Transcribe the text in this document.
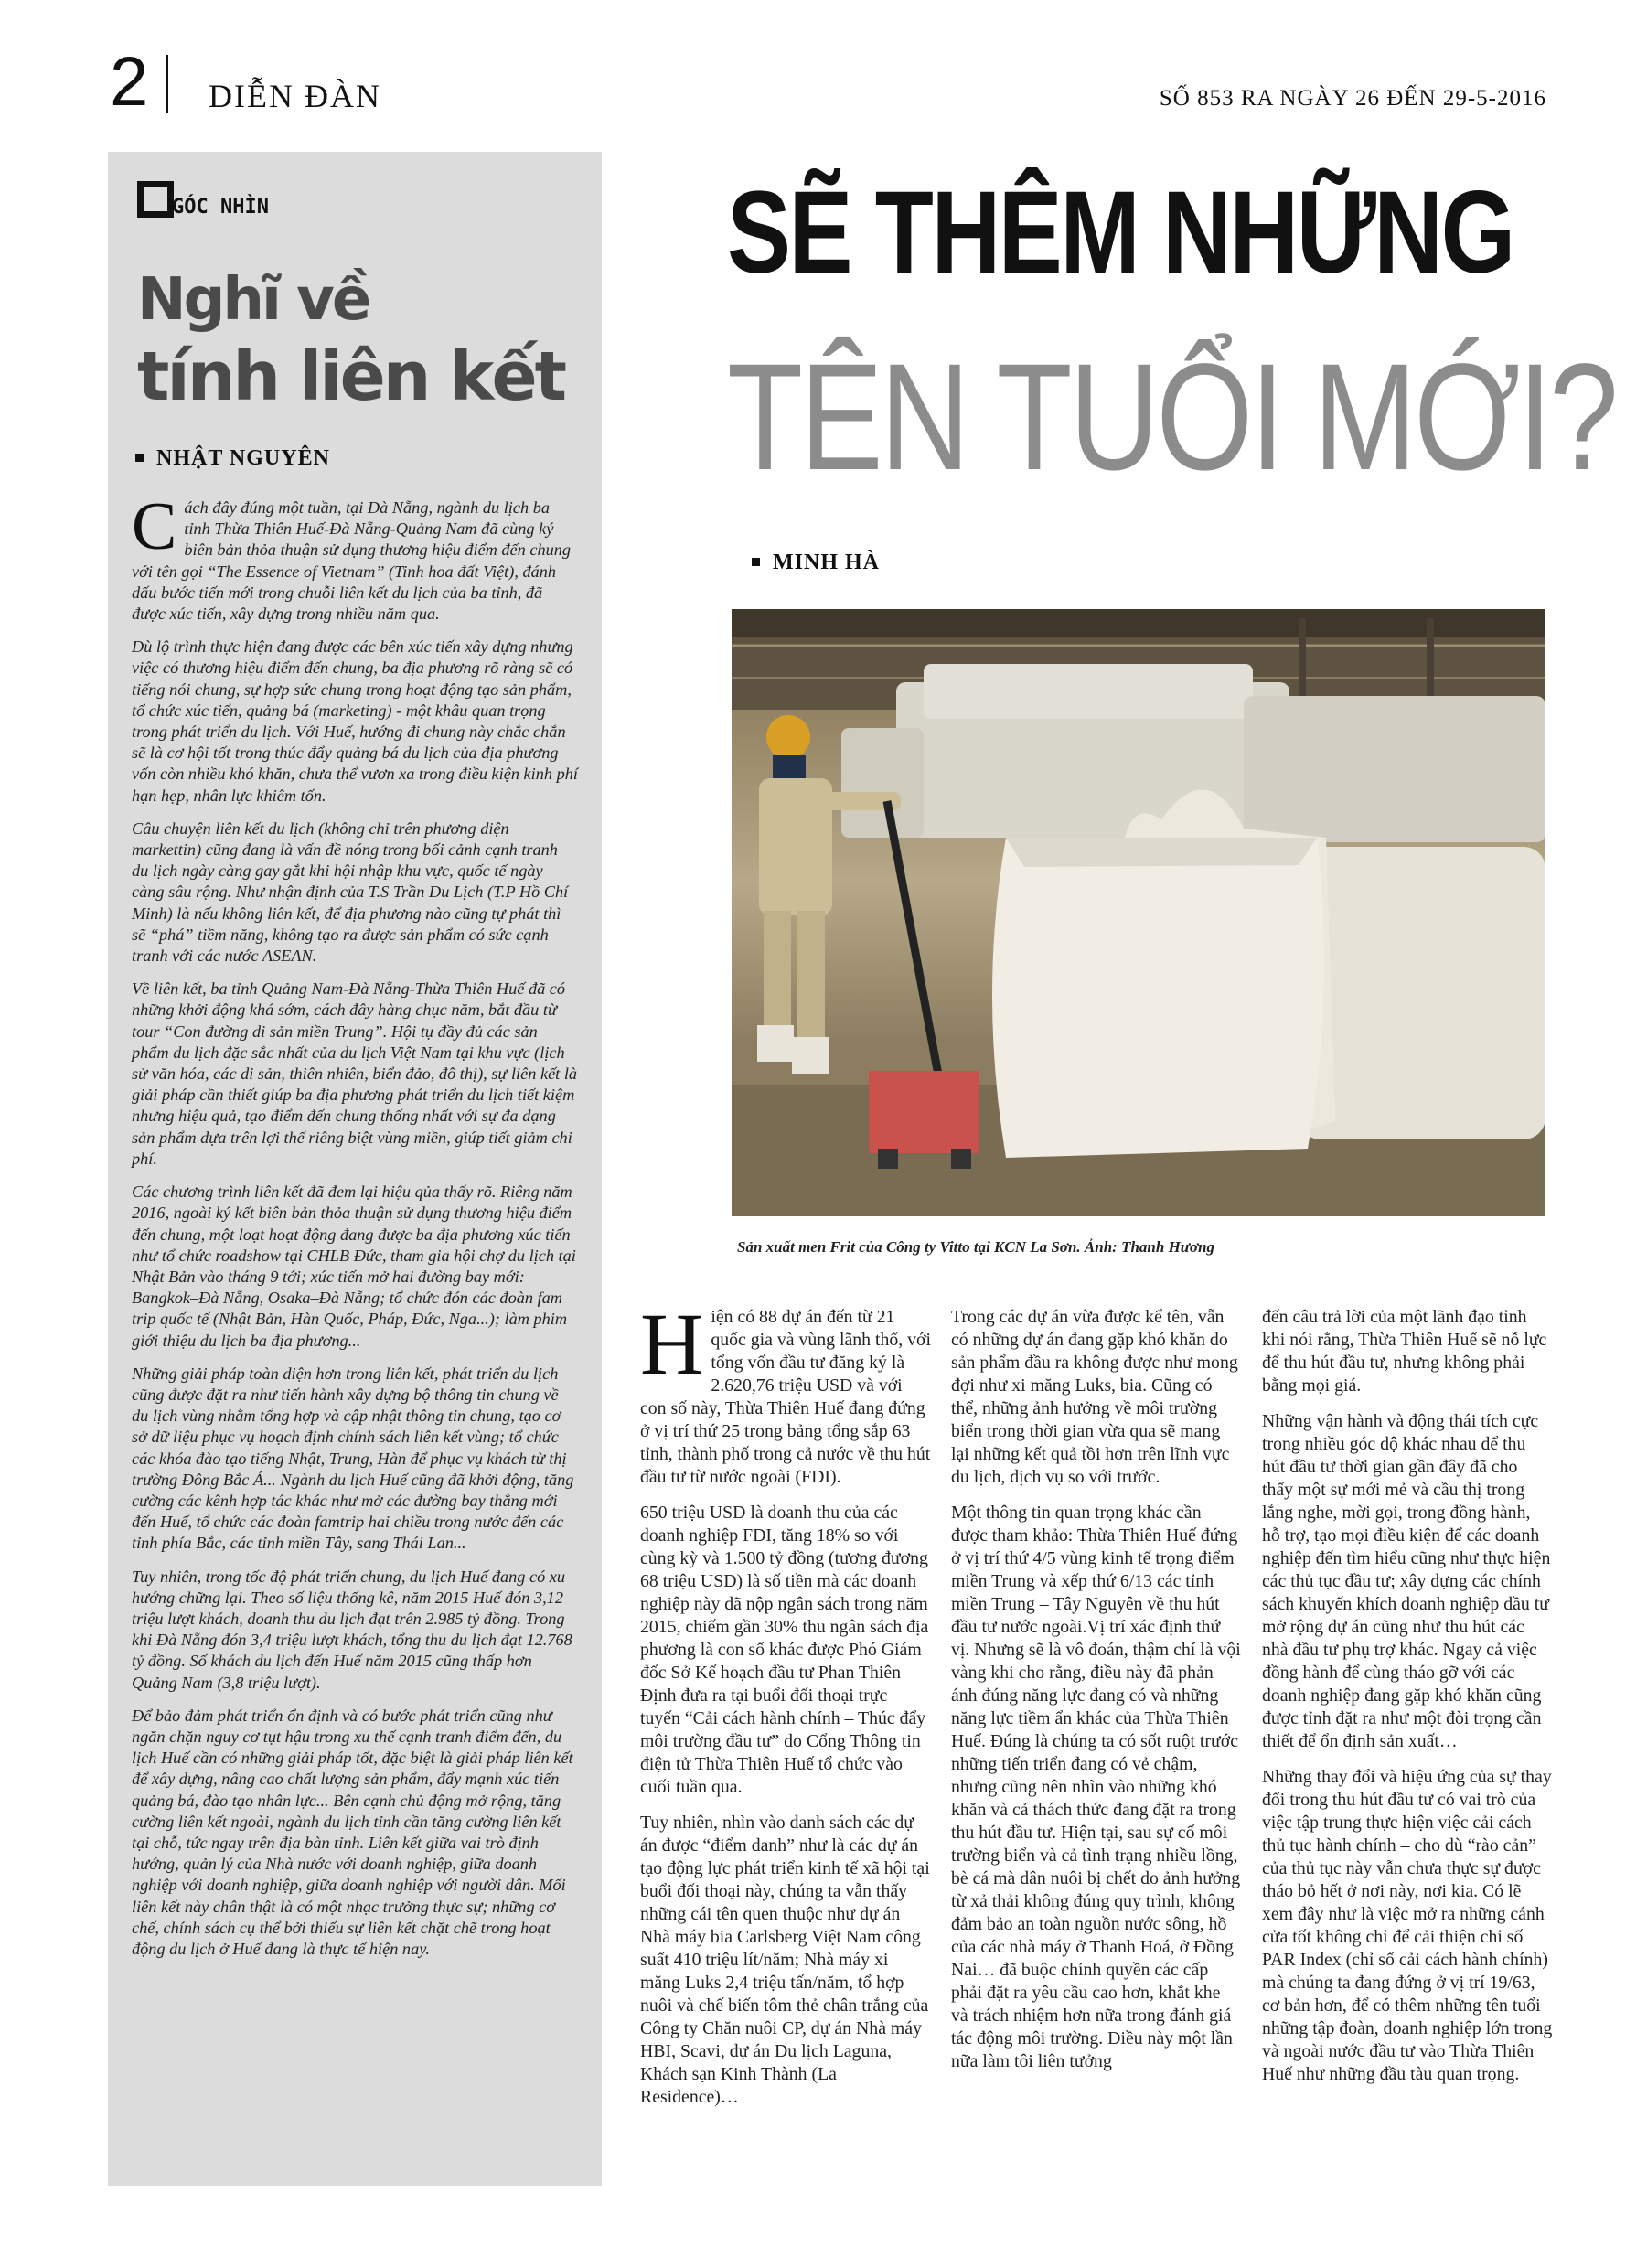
2 DIỄN ĐÀN	SỐ 853 RA NGÀY 26 ĐẾN 29-5-2016
GÓC NHÌN
Nghĩ về
tính liên kết
NHẬT NGUYÊN

Cách đây đúng một tuần, tại Đà Nẵng, ngành du lịch ba tỉnh Thừa Thiên Huế-Đà Nẵng-Quảng Nam đã cùng ký biên bản thỏa thuận sử dụng thương hiệu điểm đến chung với tên gọi “The Essence of Vietnam” (Tinh hoa đất Việt), đánh dấu bước tiến mới trong chuỗi liên kết du lịch của ba tỉnh, đã được xúc tiến, xây dựng trong nhiều năm qua.

Dù lộ trình thực hiện đang được các bên xúc tiến xây dựng nhưng việc có thương hiệu điểm đến chung, ba địa phương rõ ràng sẽ có tiếng nói chung, sự hợp sức chung trong hoạt động tạo sản phẩm, tổ chức xúc tiến, quảng bá (marketing) - một khâu quan trọng trong phát triển du lịch. Với Huế, hướng đi chung này chắc chắn sẽ là cơ hội tốt trong thúc đẩy quảng bá du lịch của địa phương vốn còn nhiều khó khăn, chưa thể vươn xa trong điều kiện kinh phí hạn hẹp, nhân lực khiêm tốn.

Câu chuyện liên kết du lịch (không chỉ trên phương diện markettin) cũng đang là vấn đề nóng trong bối cảnh cạnh tranh du lịch ngày càng gay gắt khi hội nhập khu vực, quốc tế ngày càng sâu rộng. Như nhận định của T.S Trần Du Lịch (T.P Hồ Chí Minh) là nếu không liên kết, để địa phương nào cũng tự phát thì sẽ “phá” tiềm năng, không tạo ra được sản phẩm có sức cạnh tranh với các nước ASEAN.

Về liên kết, ba tỉnh Quảng Nam-Đà Nẵng-Thừa Thiên Huế đã có những khởi động khá sớm, cách đây hàng chục năm, bắt đầu từ tour “Con đường di sản miền Trung”. Hội tụ đầy đủ các sản phẩm du lịch đặc sắc nhất của du lịch Việt Nam tại khu vực (lịch sử văn hóa, các di sản, thiên nhiên, biển đảo, đô thị), sự liên kết là giải pháp cần thiết giúp ba địa phương phát triển du lịch tiết kiệm nhưng hiệu quả, tạo điểm đến chung thống nhất với sự đa dạng sản phẩm dựa trên lợi thế riêng biệt vùng miền, giúp tiết giảm chi phí.

Các chương trình liên kết đã đem lại hiệu qủa thấy rõ. Riêng năm 2016, ngoài ký kết biên bản thỏa thuận sử dụng thương hiệu điểm đến chung, một loạt hoạt động đang được ba địa phương xúc tiến như tổ chức roadshow tại CHLB Đức, tham gia hội chợ du lịch tại Nhật Bản vào tháng 9 tới; xúc tiến mở hai đường bay mới: Bangkok–Đà Nẵng, Osaka–Đà Nẵng; tổ chức đón các đoàn fam trip quốc tế (Nhật Bản, Hàn Quốc, Pháp, Đức, Nga...); làm phim giới thiệu du lịch ba địa phương...

Những giải pháp toàn diện hơn trong liên kết, phát triển du lịch cũng được đặt ra như tiến hành xây dựng bộ thông tin chung về du lịch vùng nhằm tổng hợp và cập nhật thông tin chung, tạo cơ sở dữ liệu phục vụ hoạch định chính sách liên kết vùng; tổ chức các khóa đào tạo tiếng Nhật, Trung, Hàn để phục vụ khách từ thị trường Đông Bắc Á... Ngành du lịch Huế cũng đã khởi động, tăng cường các kênh hợp tác khác như mở các đường bay thẳng mới đến Huế, tổ chức các đoàn famtrip hai chiều trong nước đến các tỉnh phía Bắc, các tỉnh miền Tây, sang Thái Lan...

Tuy nhiên, trong tốc độ phát triển chung, du lịch Huế đang có xu hướng chững lại. Theo số liệu thống kê, năm 2015 Huế đón 3,12 triệu lượt khách, doanh thu du lịch đạt trên 2.985 tỷ đồng. Trong khi Đà Nẵng đón 3,4 triệu lượt khách, tổng thu du lịch đạt 12.768 tỷ đồng. Số khách du lịch đến Huế năm 2015 cũng thấp hơn Quảng Nam (3,8 triệu lượt).

Để bảo đảm phát triển ổn định và có bước phát triển cũng như ngăn chặn nguy cơ tụt hậu trong xu thế cạnh tranh điểm đến, du lịch Huế cần có những giải pháp tốt, đặc biệt là giải pháp liên kết để xây dựng, nâng cao chất lượng sản phẩm, đẩy mạnh xúc tiến quảng bá, đào tạo nhân lực... Bên cạnh chủ động mở rộng, tăng cường liên kết ngoài, ngành du lịch tỉnh cần tăng cường liên kết tại chỗ, tức ngay trên địa bàn tỉnh. Liên kết giữa vai trò định hướng, quản lý của Nhà nước với doanh nghiệp, giữa doanh nghiệp với doanh nghiệp, giữa doanh nghiệp với người dân. Mối liên kết này chân thật là có một nhạc trưởng thực sự; những cơ chế, chính sách cụ thể bởi thiếu sự liên kết chặt chẽ trong hoạt động du lịch ở Huế đang là thực tế hiện nay.

SẼ THÊM NHỮNG
TÊN TUỔI MỚI?
MINH HÀ
Sản xuất men Frit của Công ty Vitto tại KCN La Sơn. Ảnh: Thanh Hương

Hiện có 88 dự án đến từ 21 quốc gia và vùng lãnh thổ, với tổng vốn đầu tư đăng ký là 2.620,76 triệu USD và với con số này, Thừa Thiên Huế đang đứng ở vị trí thứ 25 trong bảng tổng sắp 63 tỉnh, thành phố trong cả nước về thu hút đầu tư từ nước ngoài (FDI).

650 triệu USD là doanh thu của các doanh nghiệp FDI, tăng 18% so với cùng kỳ và 1.500 tỷ đồng (tương đương 68 triệu USD) là số tiền mà các doanh nghiệp này đã nộp ngân sách trong năm 2015, chiếm gần 30% thu ngân sách địa phương là con số khác được Phó Giám đốc Sở Kế hoạch đầu tư Phan Thiên Định đưa ra tại buổi đối thoại trực tuyến “Cải cách hành chính – Thúc đẩy môi trường đầu tư” do Cổng Thông tin điện tử Thừa Thiên Huế tổ chức vào cuối tuần qua.

Tuy nhiên, nhìn vào danh sách các dự án được “điểm danh” như là các dự án tạo động lực phát triển kinh tế xã hội tại buổi đối thoại này, chúng ta vẫn thấy những cái tên quen thuộc như dự án Nhà máy bia Carlsberg Việt Nam công suất 410 triệu lít/năm; Nhà máy xi măng Luks 2,4 triệu tấn/năm, tổ hợp nuôi và chế biến tôm thẻ chân trắng của Công ty Chăn nuôi CP, dự án Nhà máy HBI, Scavi, dự án Du lịch Laguna, Khách sạn Kinh Thành (La Residence)…

Trong các dự án vừa được kể tên, vẫn có những dự án đang gặp khó khăn do sản phẩm đầu ra không được như mong đợi như xi măng Luks, bia. Cũng có thể, những ảnh hưởng về môi trường biển trong thời gian vừa qua sẽ mang lại những kết quả tồi hơn trên lĩnh vực du lịch, dịch vụ so với trước.

Một thông tin quan trọng khác cần được tham khảo: Thừa Thiên Huế đứng ở vị trí thứ 4/5 vùng kinh tế trọng điểm miền Trung và xếp thứ 6/13 các tỉnh miền Trung – Tây Nguyên về thu hút đầu tư nước ngoài.Vị trí xác định thứ vị. Nhưng sẽ là vô đoán, thậm chí là vội vàng khi cho rằng, điều này đã phản ánh đúng năng lực đang có và những năng lực tiềm ẩn khác của Thừa Thiên Huế. Đúng là chúng ta có sốt ruột trước những tiến triển đang có vẻ chậm, nhưng cũng nên nhìn vào những khó khăn và cả thách thức đang đặt ra trong thu hút đầu tư. Hiện tại, sau sự cố môi trường biển và cả tình trạng nhiều lồng, bè cá mà dân nuôi bị chết do ảnh hưởng từ xả thải không đúng quy trình, không đảm bảo an toàn nguồn nước sông, hồ của các nhà máy ở Thanh Hoá, ở Đồng Nai… đã buộc chính quyền các cấp phải đặt ra yêu cầu cao hơn, khắt khe và trách nhiệm hơn nữa trong đánh giá tác động môi trường. Điều này một lần nữa làm tôi liên tưởng

đến câu trả lời của một lãnh đạo tỉnh khi nói rằng, Thừa Thiên Huế sẽ nỗ lực để thu hút đầu tư, nhưng không phải bằng mọi giá.

Những vận hành và động thái tích cực trong nhiều góc độ khác nhau để thu hút đầu tư thời gian gần đây đã cho thấy một sự mới mẻ và cầu thị trong lắng nghe, mời gọi, trong đồng hành, hỗ trợ, tạo mọi điều kiện để các doanh nghiệp đến tìm hiểu cũng như thực hiện các thủ tục đầu tư; xây dựng các chính sách khuyến khích doanh nghiệp đầu tư mở rộng dự án cũng như thu hút các nhà đầu tư phụ trợ khác. Ngay cả việc đồng hành để cùng tháo gỡ với các doanh nghiệp đang gặp khó khăn cũng được tỉnh đặt ra như một đòi trọng cần thiết để ổn định sản xuất…

Những thay đổi và hiệu ứng của sự thay đổi trong thu hút đầu tư có vai trò của việc tập trung thực hiện việc cải cách thủ tục hành chính – cho dù “rào cản” của thủ tục này vẫn chưa thực sự được tháo bỏ hết ở nơi này, nơi kia. Có lẽ xem đây như là việc mở ra những cánh cửa tốt không chỉ để cải thiện chỉ số PAR Index (chỉ số cải cách hành chính) mà chúng ta đang đứng ở vị trí 19/63, cơ bản hơn, để có thêm những tên tuổi những tập đoàn, doanh nghiệp lớn trong và ngoài nước đầu tư vào Thừa Thiên Huế như những đầu tàu quan trọng.
